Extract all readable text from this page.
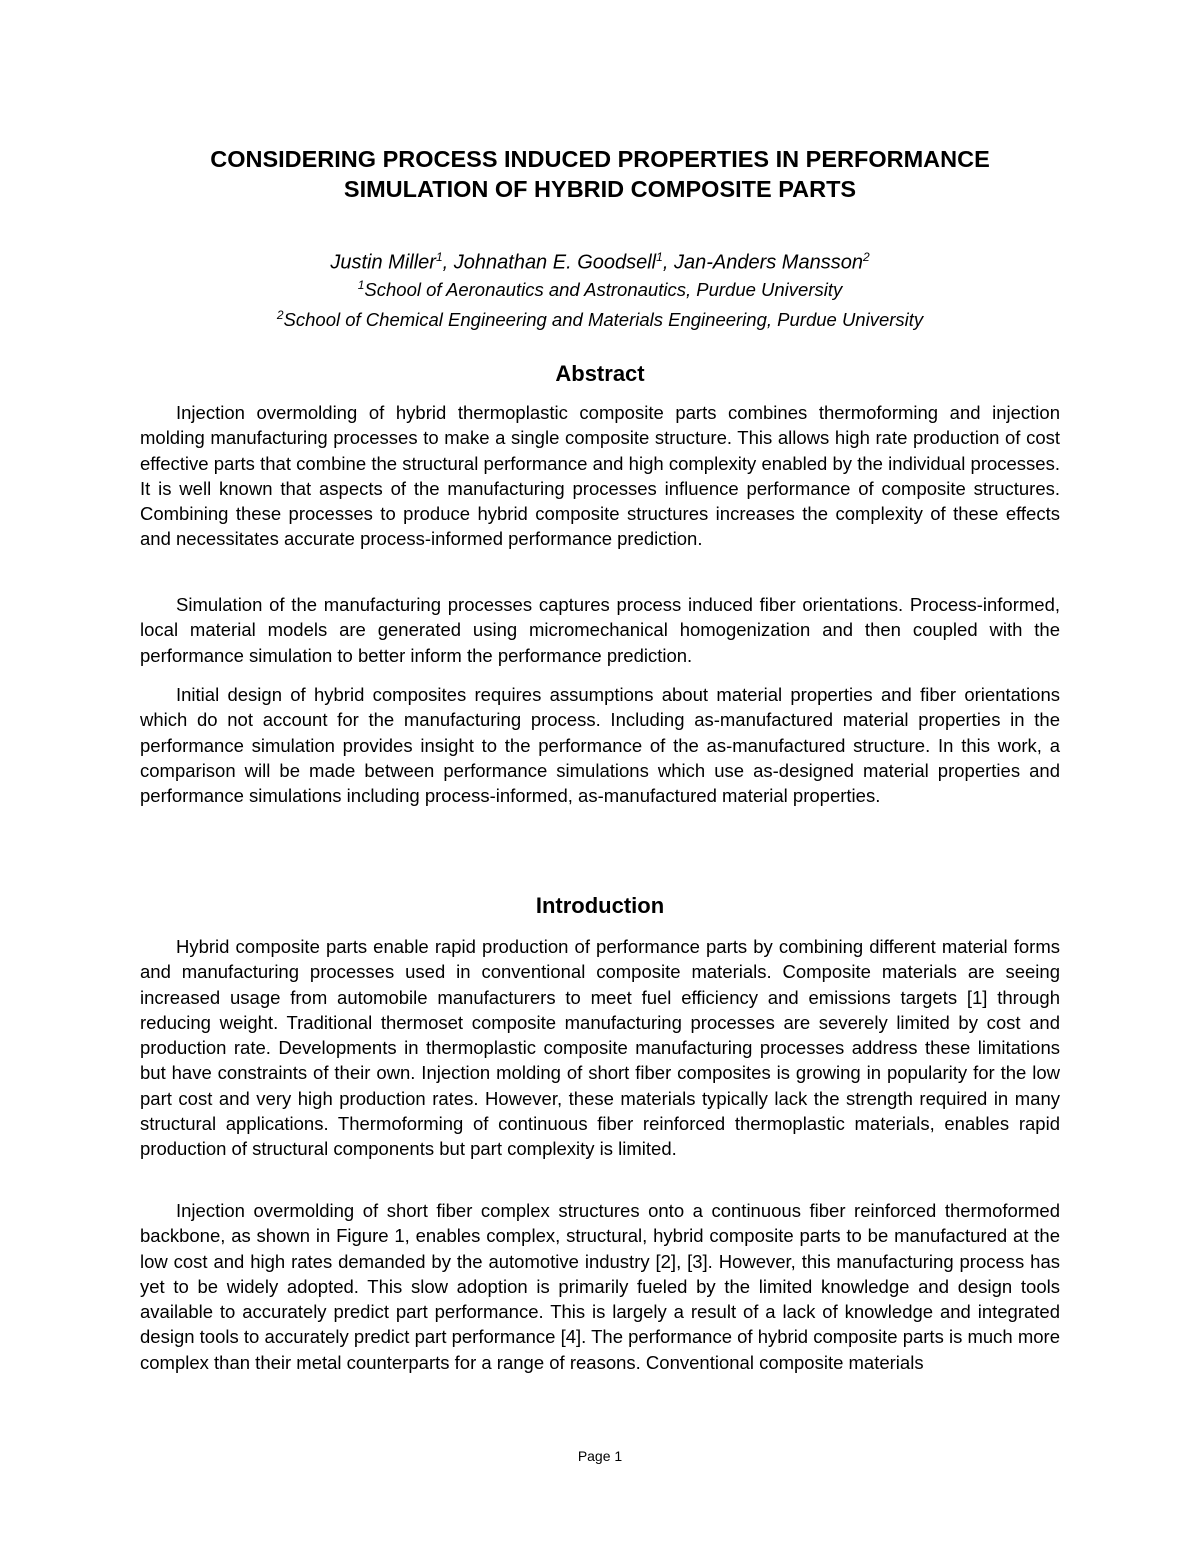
CONSIDERING PROCESS INDUCED PROPERTIES IN PERFORMANCE
SIMULATION OF HYBRID COMPOSITE PARTS
Justin Miller$^1$, Johnathan E. Goodsell$^1$, Jan-Anders Mansson$^2$
$^1$School of Aeronautics and Astronautics, Purdue University
$^2$School of Chemical Engineering and Materials Engineering, Purdue University
Abstract

Injection overmolding of hybrid thermoplastic composite parts combines thermoforming and injection molding manufacturing processes to make a single composite structure. This allows high rate production of cost effective parts that combine the structural performance and high complexity enabled by the individual processes. It is well known that aspects of the manufacturing processes influence performance of composite structures. Combining these processes to produce hybrid composite structures increases the complexity of these effects and necessitates accurate process-informed performance prediction.

Simulation of the manufacturing processes captures process induced fiber orientations. Process-informed, local material models are generated using micromechanical homogenization and then coupled with the performance simulation to better inform the performance prediction.

Initial design of hybrid composites requires assumptions about material properties and fiber orientations which do not account for the manufacturing process. Including as-manufactured material properties in the performance simulation provides insight to the performance of the as-manufactured structure. In this work, a comparison will be made between performance simulations which use as-designed material properties and performance simulations including process-informed, as-manufactured material properties.

Introduction

Hybrid composite parts enable rapid production of performance parts by combining different material forms and manufacturing processes used in conventional composite materials. Composite materials are seeing increased usage from automobile manufacturers to meet fuel efficiency and emissions targets [1] through reducing weight. Traditional thermoset composite manufacturing processes are severely limited by cost and production rate. Developments in thermoplastic composite manufacturing processes address these limitations but have constraints of their own. Injection molding of short fiber composites is growing in popularity for the low part cost and very high production rates. However, these materials typically lack the strength required in many structural applications. Thermoforming of continuous fiber reinforced thermoplastic materials, enables rapid production of structural components but part complexity is limited.

Injection overmolding of short fiber complex structures onto a continuous fiber reinforced thermoformed backbone, as shown in Figure 1, enables complex, structural, hybrid composite parts to be manufactured at the low cost and high rates demanded by the automotive industry [2], [3]. However, this manufacturing process has yet to be widely adopted. This slow adoption is primarily fueled by the limited knowledge and design tools available to accurately predict part performance. This is largely a result of a lack of knowledge and integrated design tools to accurately predict part performance [4]. The performance of hybrid composite parts is much more complex than their metal counterparts for a range of reasons. Conventional composite materials

Page 1
